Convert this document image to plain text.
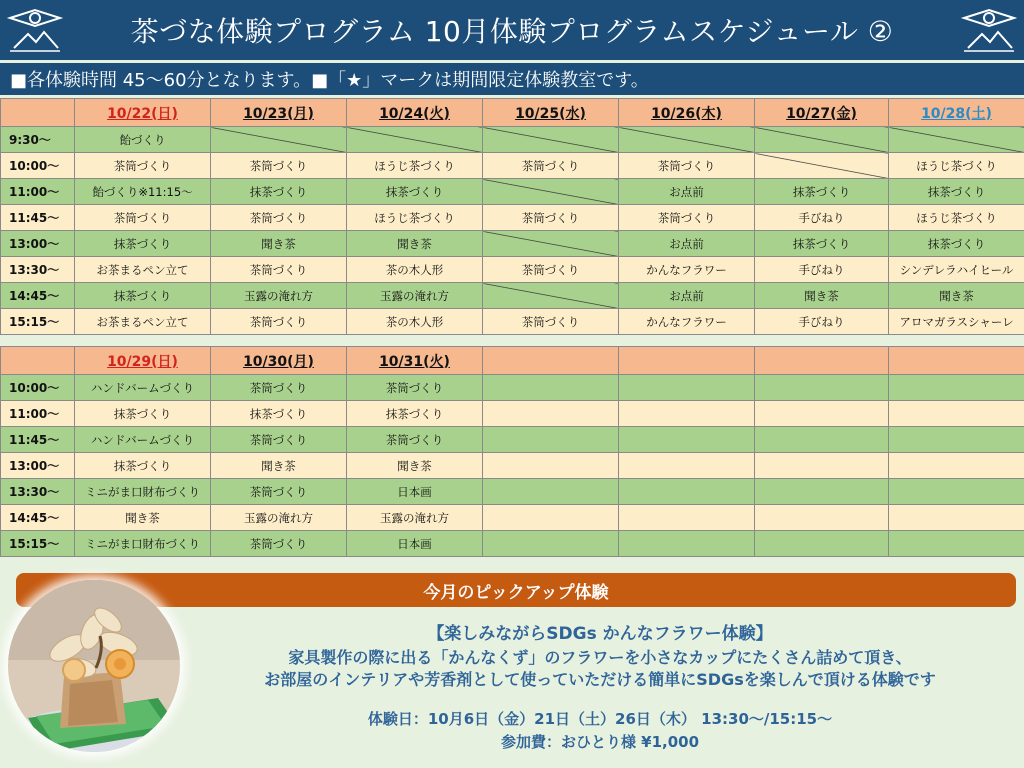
茶づな体験プログラム 10月体験プログラムスケジュール ②
■各体験時間 45～60分となります。■「★」マークは期間限定体験教室です。
	10/22(日)	10/23(月)	10/24(火)	10/25(水)	10/26(木)	10/27(金)	10/28(土)
9:30～	飴づくり						
10:00～	茶筒づくり	茶筒づくり	ほうじ茶づくり	茶筒づくり	茶筒づくり		ほうじ茶づくり
11:00～	飴づくり※11:15～	抹茶づくり	抹茶づくり		お点前	抹茶づくり	抹茶づくり
11:45～	茶筒づくり	茶筒づくり	ほうじ茶づくり	茶筒づくり	茶筒づくり	手びねり	ほうじ茶づくり
13:00～	抹茶づくり	聞き茶	聞き茶		お点前	抹茶づくり	抹茶づくり
13:30～	お茶まるペン立て	茶筒づくり	茶の木人形	茶筒づくり	かんなフラワー	手びねり	シンデレラハイヒール
14:45～	抹茶づくり	玉露の淹れ方	玉露の淹れ方		お点前	聞き茶	聞き茶
15:15～	お茶まるペン立て	茶筒づくり	茶の木人形	茶筒づくり	かんなフラワー	手びねり	アロマガラスシャーレ
	10/29(日)	10/30(月)	10/31(火)				
10:00～	ハンドバームづくり	茶筒づくり	茶筒づくり				
11:00～	抹茶づくり	抹茶づくり	抹茶づくり				
11:45～	ハンドバームづくり	茶筒づくり	茶筒づくり				
13:00～	抹茶づくり	聞き茶	聞き茶				
13:30～	ミニがま口財布づくり	茶筒づくり	日本画				
14:45～	聞き茶	玉露の淹れ方	玉露の淹れ方				
15:15～	ミニがま口財布づくり	茶筒づくり	日本画				
今月のピックアップ体験
【楽しみながらSDGs かんなフラワー体験】
家具製作の際に出る「かんなくず」のフラワーを小さなカップにたくさん詰めて頂き、
お部屋のインテリアや芳香剤として使っていただける簡単にSDGsを楽しんで頂ける体験です
体験日：10月6日（金）21日（土）26日（木） 13:30～/15:15～
参加費：おひとり様 ¥1,000
